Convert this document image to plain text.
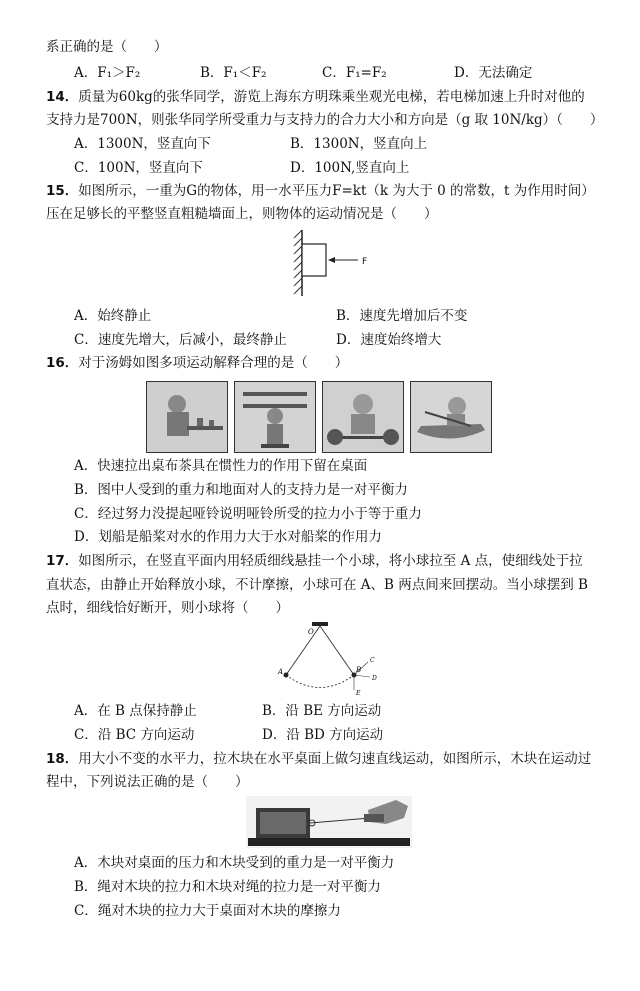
系正确的是（　　）
A．F₁＞F₂	B．F₁＜F₂	C．F₁=F₂	D．无法确定
14．质量为60kg的张华同学，游览上海东方明珠乘坐观光电梯，若电梯加速上升时对他的
支持力是700N，则张华同学所受重力与支持力的合力大小和方向是（g 取 10N/kg）（　　）
A．1300N，竖直向下	B．1300N，竖直向上
C．100N，竖直向下	D．100N,竖直向上
15．如图所示，一重为G的物体，用一水平压力F=kt（k 为大于 0 的常数，t 为作用时间）
压在足够长的平整竖直粗糙墙面上，则物体的运动情况是（　　）
F
A．始终静止	B．速度先增加后不变
C．速度先增大，后减小，最终静止	D．速度始终增大
16．对于汤姆如图多项运动解释合理的是（　　）
A．快速拉出桌布茶具在惯性力的作用下留在桌面
B．图中人受到的重力和地面对人的支持力是一对平衡力
C．经过努力没提起哑铃说明哑铃所受的拉力小于等于重力
D．划船是船桨对水的作用力大于水对船桨的作用力
17．如图所示，在竖直平面内用轻质细线悬挂一个小球，将小球拉至 A 点，使细线处于拉
直状态，由静止开始释放小球，不计摩擦，小球可在 A、B 两点间来回摆动。当小球摆到 B
点时，细线恰好断开，则小球将（　　）
O
A	B
C
D
E
A．在 B 点保持静止	B．沿 BE 方向运动
C．沿 BC 方向运动	D．沿 BD 方向运动
18．用大小不变的水平力，拉木块在水平桌面上做匀速直线运动，如图所示，木块在运动过
程中，下列说法正确的是（　　）
A．木块对桌面的压力和木块受到的重力是一对平衡力
B．绳对木块的拉力和木块对绳的拉力是一对平衡力
C．绳对木块的拉力大于桌面对木块的摩擦力
